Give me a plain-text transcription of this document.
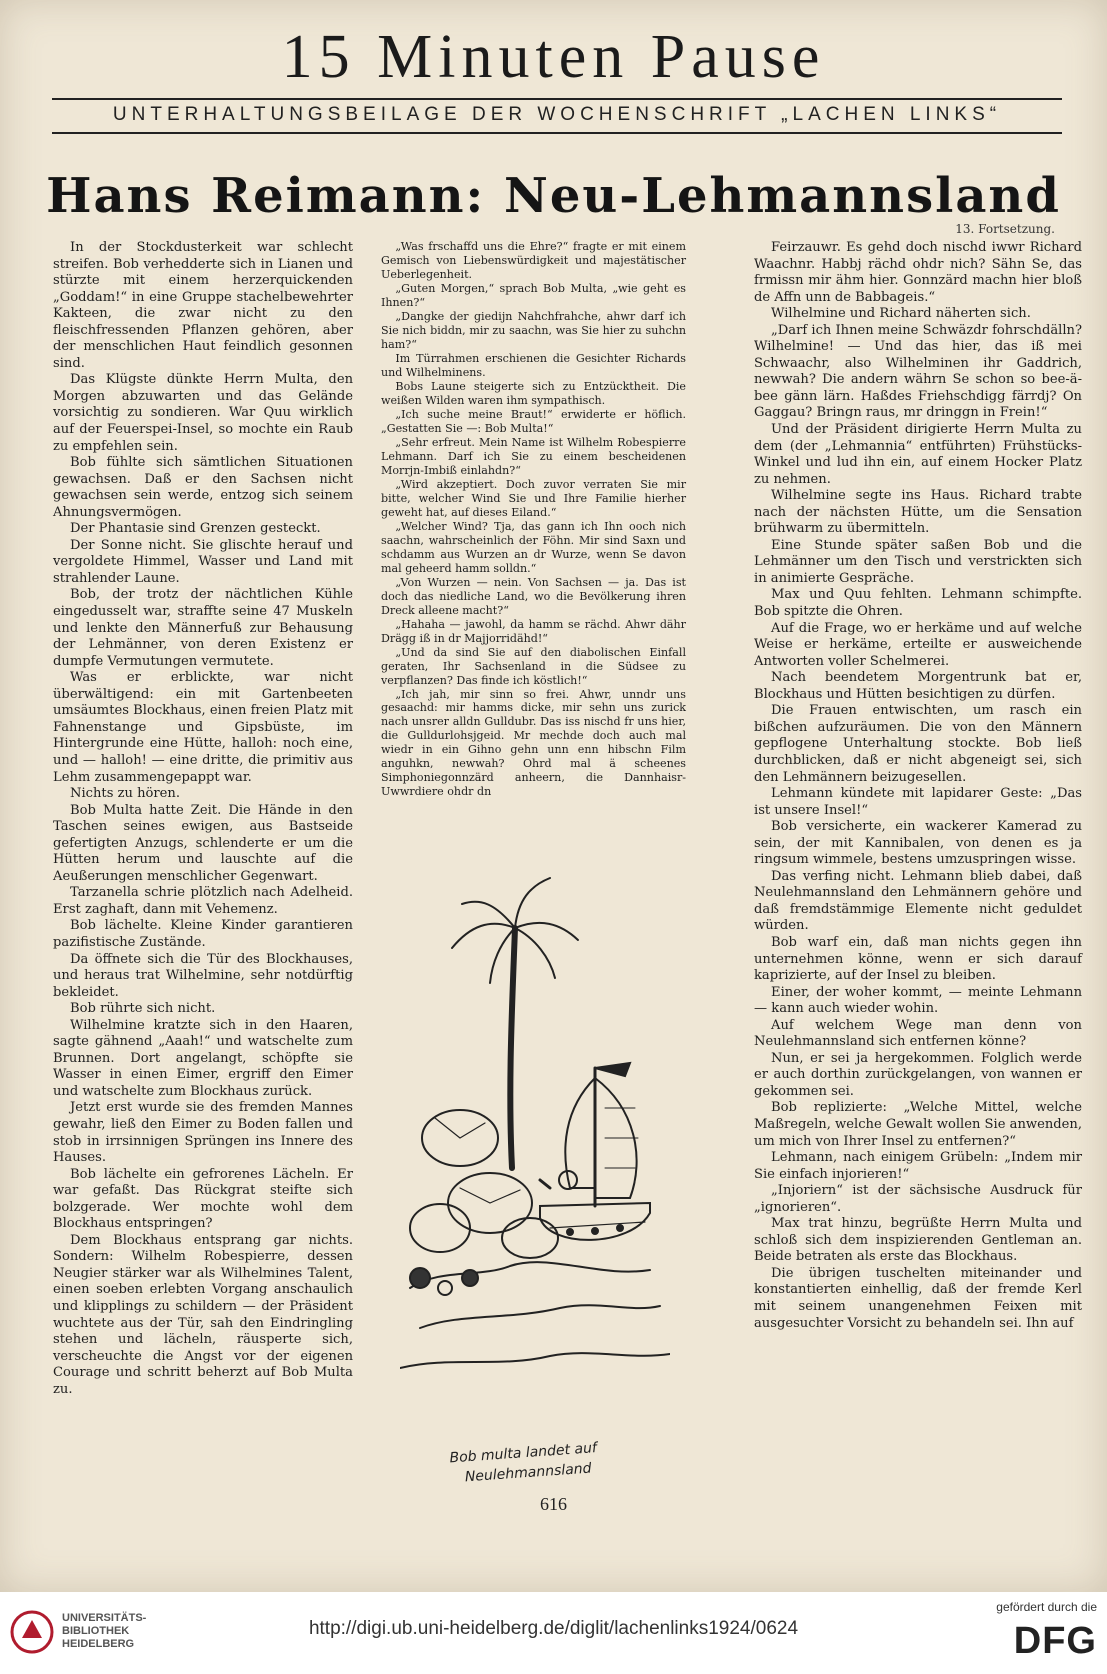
15 Minuten Pause
UNTERHALTUNGSBEILAGE DER WOCHENSCHRIFT „LACHEN LINKS“
Hans Reimann: Neu-Lehmannsland
13. Fortsetzung.

In der Stockdusterkeit war schlecht streifen. Bob verhedderte sich in Lianen und stürzte mit einem herzerquickenden „Goddam!“ in eine Gruppe stachelbewehrter Kakteen, die zwar nicht zu den fleischfressenden Pflanzen gehören, aber der menschlichen Haut feindlich gesonnen sind.

Das Klügste dünkte Herrn Multa, den Morgen abzuwarten und das Gelände vorsichtig zu sondieren. War Quu wirklich auf der Feuerspei-Insel, so mochte ein Raub zu empfehlen sein.

Bob fühlte sich sämtlichen Situationen gewachsen. Daß er den Sachsen nicht gewachsen sein werde, entzog sich seinem Ahnungsvermögen.

Der Phantasie sind Grenzen gesteckt.

Der Sonne nicht. Sie glischte herauf und vergoldete Himmel, Wasser und Land mit strahlender Laune.

Bob, der trotz der nächtlichen Kühle eingedusselt war, straffte seine 47 Muskeln und lenkte den Männerfuß zur Behausung der Lehmänner, von deren Existenz er dumpfe Vermutungen vermutete.

Was er erblickte, war nicht überwältigend: ein mit Gartenbeeten umsäumtes Blockhaus, einen freien Platz mit Fahnenstange und Gipsbüste, im Hintergrunde eine Hütte, halloh: noch eine, und — halloh! — eine dritte, die primitiv aus Lehm zusammengepappt war.

Nichts zu hören.

Bob Multa hatte Zeit. Die Hände in den Taschen seines ewigen, aus Bastseide gefertigten Anzugs, schlenderte er um die Hütten herum und lauschte auf die Aeußerungen menschlicher Gegenwart.

Tarzanella schrie plötzlich nach Adelheid. Erst zaghaft, dann mit Vehemenz.

Bob lächelte. Kleine Kinder garantieren pazifistische Zustände.

Da öffnete sich die Tür des Blockhauses, und heraus trat Wilhelmine, sehr notdürftig bekleidet.

Bob rührte sich nicht.

Wilhelmine kratzte sich in den Haaren, sagte gähnend „Aaah!“ und watschelte zum Brunnen. Dort angelangt, schöpfte sie Wasser in einen Eimer, ergriff den Eimer und watschelte zum Blockhaus zurück.

Jetzt erst wurde sie des fremden Mannes gewahr, ließ den Eimer zu Boden fallen und stob in irrsinnigen Sprüngen ins Innere des Hauses.

Bob lächelte ein gefrorenes Lächeln. Er war gefaßt. Das Rückgrat steifte sich bolzgerade. Wer mochte wohl dem Blockhaus entspringen?

Dem Blockhaus entsprang gar nichts. Sondern: Wilhelm Robespierre, dessen Neugier stärker war als Wilhelmines Talent, einen soeben erlebten Vorgang anschaulich und klipplings zu schildern — der Präsident wuchtete aus der Tür, sah den Eindringling stehen und lächeln, räusperte sich, verscheuchte die Angst vor der eigenen Courage und schritt beherzt auf Bob Multa zu.

„Was frschaffd uns die Ehre?“ fragte er mit einem Gemisch von Liebenswürdigkeit und majestätischer Ueberlegenheit.

„Guten Morgen,“ sprach Bob Multa, „wie geht es Ihnen?“

„Dangke der giedijn Nahchfrahche, ahwr darf ich Sie nich biddn, mir zu saachn, was Sie hier zu suhchn ham?“

Im Türrahmen erschienen die Gesichter Richards und Wilhelminens.

Bobs Laune steigerte sich zu Entzücktheit. Die weißen Wilden waren ihm sympathisch.

„Ich suche meine Braut!“ erwiderte er höflich. „Gestatten Sie —: Bob Multa!“

„Sehr erfreut. Mein Name ist Wilhelm Robespierre Lehmann. Darf ich Sie zu einem bescheidenen Morrjn-Imbiß einlahdn?“

„Wird akzeptiert. Doch zuvor verraten Sie mir bitte, welcher Wind Sie und Ihre Familie hierher geweht hat, auf dieses Eiland.“

„Welcher Wind? Tja, das gann ich Ihn ooch nich saachn, wahrscheinlich der Föhn. Mir sind Saxn und schdamm aus Wurzen an dr Wurze, wenn Se davon mal geheerd hamm solldn.“

„Von Wurzen — nein. Von Sachsen — ja. Das ist doch das niedliche Land, wo die Bevölkerung ihren Dreck alleene macht?“

„Hahaha — jawohl, da hamm se rächd. Ahwr dähr Drägg iß in dr Majjorridähd!“

„Und da sind Sie auf den diabolischen Einfall geraten, Ihr Sachsenland in die Südsee zu verpflanzen? Das finde ich köstlich!“

„Ich jah, mir sinn so frei. Ahwr, unndr uns gesaachd: mir hamms dicke, mir sehn uns zurick nach unsrer alldn Gulldubr. Das iss nischd fr uns hier, die Gulldurlohsjgeid. Mr mechde doch auch mal wiedr in ein Gihno gehn unn enn hibschn Film anguhkn, newwah? Ohrd mal ä scheenes Simphoniegonnzärd anheern, die Dannhaisr-Uwwrdiere ohdr dn

Feirzauwr. Es gehd doch nischd iwwr Richard Waachnr. Habbj rächd ohdr nich? Sähn Se, das frmissn mir ähm hier. Gonnzärd machn hier bloß de Affn unn de Babbageis.“

Wilhelmine und Richard näherten sich.

„Darf ich Ihnen meine Schwäzdr fohrschdälln? Wilhelmine! — Und das hier, das iß mei Schwaachr, also Wilhelminen ihr Gaddrich, newwah? Die andern währn Se schon so bee-ä-bee gänn lärn. Haßdes Friehschdigg färrdj? On Gaggau? Bringn raus, mr dringgn in Frein!“

Und der Präsident dirigierte Herrn Multa zu dem (der „Lehmannia“ entführten) Frühstücks-Winkel und lud ihn ein, auf einem Hocker Platz zu nehmen.

Wilhelmine segte ins Haus. Richard trabte nach der nächsten Hütte, um die Sensation brühwarm zu übermitteln.

Eine Stunde später saßen Bob und die Lehmänner um den Tisch und verstrickten sich in animierte Gespräche.

Max und Quu fehlten. Lehmann schimpfte. Bob spitzte die Ohren.

Auf die Frage, wo er herkäme und auf welche Weise er herkäme, erteilte er ausweichende Antworten voller Schelmerei.

Nach beendetem Morgentrunk bat er, Blockhaus und Hütten besichtigen zu dürfen.

Die Frauen entwischten, um rasch ein bißchen aufzuräumen. Die von den Männern gepflogene Unterhaltung stockte. Bob ließ durchblicken, daß er nicht abgeneigt sei, sich den Lehmännern beizugesellen.

Lehmann kündete mit lapidarer Geste: „Das ist unsere Insel!“

Bob versicherte, ein wackerer Kamerad zu sein, der mit Kannibalen, von denen es ja ringsum wimmele, bestens umzuspringen wisse.

Das verfing nicht. Lehmann blieb dabei, daß Neulehmannsland den Lehmännern gehöre und daß fremdstämmige Elemente nicht geduldet würden.

Bob warf ein, daß man nichts gegen ihn unternehmen könne, wenn er sich darauf kaprizierte, auf der Insel zu bleiben.

Einer, der woher kommt, — meinte Lehmann — kann auch wieder wohin.

Auf welchem Wege man denn von Neulehmannsland sich entfernen könne?

Nun, er sei ja hergekommen. Folglich werde er auch dorthin zurückgelangen, von wannen er gekommen sei.

Bob replizierte: „Welche Mittel, welche Maßregeln, welche Gewalt wollen Sie anwenden, um mich von Ihrer Insel zu entfernen?“

Lehmann, nach einigem Grübeln: „Indem mir Sie einfach injorieren!“

„Injoriern“ ist der sächsische Ausdruck für „ignorieren“.

Max trat hinzu, begrüßte Herrn Multa und schloß sich dem inspizierenden Gentleman an. Beide betraten als erste das Blockhaus.

Die übrigen tuschelten miteinander und konstantierten einhellig, daß der fremde Kerl mit seinem unangenehmen Feixen mit ausgesuchter Vorsicht zu behandeln sei. Ihn auf

Bob multa landet auf
Neulehmannsland
616
UNIVERSITÄTS-
BIBLIOTHEK
HEIDELBERG
http://digi.ub.uni-heidelberg.de/diglit/lachenlinks1924/0624
gefördert durch die
DFG
